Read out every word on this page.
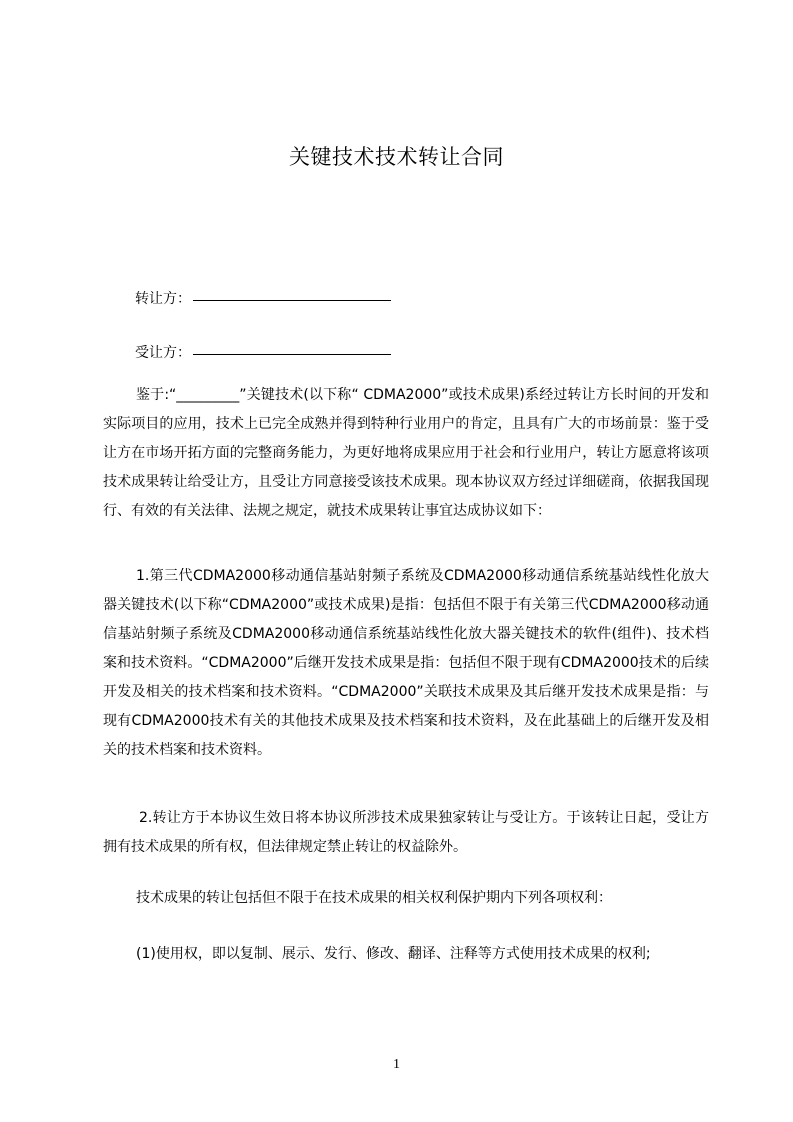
关键技术技术转让合同
转让方：
受让方：

鉴于:“_________”关键技术(以下称“ CDMA2000”或技术成果)系经过转让方长时间的开发和实际项目的应用，技术上已完全成熟并得到特种行业用户的肯定，且具有广大的市场前景：鉴于受让方在市场开拓方面的完整商务能力，为更好地将成果应用于社会和行业用户，转让方愿意将该项技术成果转让给受让方，且受让方同意接受该技术成果。现本协议双方经过详细磋商，依据我国现行、有效的有关法律、法规之规定，就技术成果转让事宜达成协议如下：

1.第三代CDMA2000移动通信基站射频子系统及CDMA2000移动通信系统基站线性化放大器关键技术(以下称“CDMA2000”或技术成果)是指：包括但不限于有关第三代CDMA2000移动通信基站射频子系统及CDMA2000移动通信系统基站线性化放大器关键技术的软件(组件)、技术档案和技术资料。“CDMA2000”后继开发技术成果是指：包括但不限于现有CDMA2000技术的后续开发及相关的技术档案和技术资料。“CDMA2000”关联技术成果及其后继开发技术成果是指：与现有CDMA2000技术有关的其他技术成果及技术档案和技术资料，及在此基础上的后继开发及相关的技术档案和技术资料。

2.转让方于本协议生效日将本协议所涉技术成果独家转让与受让方。于该转让日起，受让方拥有技术成果的所有权，但法律规定禁止转让的权益除外。

技术成果的转让包括但不限于在技术成果的相关权利保护期内下列各项权利：

(1)使用权，即以复制、展示、发行、修改、翻译、注释等方式使用技术成果的权利;

1
